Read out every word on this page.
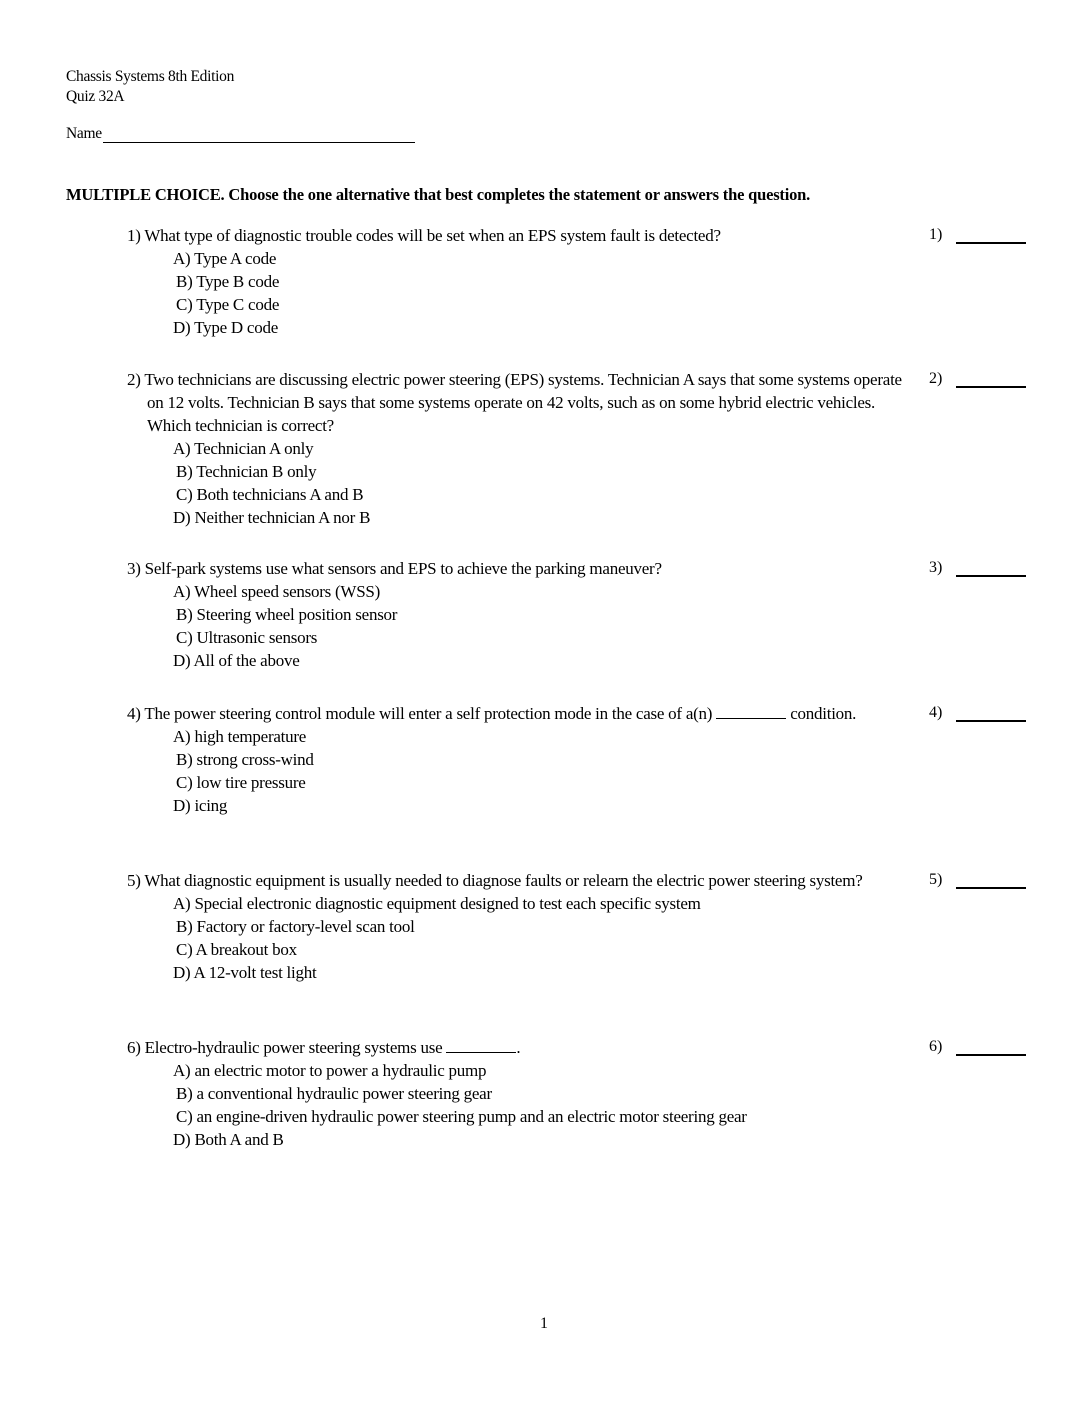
Chassis Systems 8th Edition
Quiz 32A
Name
MULTIPLE CHOICE. Choose the one alternative that best completes the statement or answers the question.
1) What type of diagnostic trouble codes will be set when an EPS system fault is detected?
A) Type A code
B) Type B code
C) Type C code
D) Type D code
1)
2) Two technicians are discussing electric power steering (EPS) systems. Technician A says that some systems operate on 12 volts. Technician B says that some systems operate on 42 volts, such as on some hybrid electric vehicles. Which technician is correct?
A) Technician A only
B) Technician B only
C) Both technicians A and B
D) Neither technician A nor B
2)
3) Self-park systems use what sensors and EPS to achieve the parking maneuver?
A) Wheel speed sensors (WSS)
B) Steering wheel position sensor
C) Ultrasonic sensors
D) All of the above
3)
4) The power steering control module will enter a self protection mode in the case of a(n)	condition.
A) high temperature
B) strong cross-wind
C) low tire pressure
D) icing
4)
5) What diagnostic equipment is usually needed to diagnose faults or relearn the electric power steering system?
A) Special electronic diagnostic equipment designed to test each specific system
B) Factory or factory-level scan tool
C) A breakout box
D) A 12-volt test light
5)
6) Electro-hydraulic power steering systems use	.
A) an electric motor to power a hydraulic pump
B) a conventional hydraulic power steering gear
C) an engine-driven hydraulic power steering pump and an electric motor steering gear
D) Both A and B
6)
1
